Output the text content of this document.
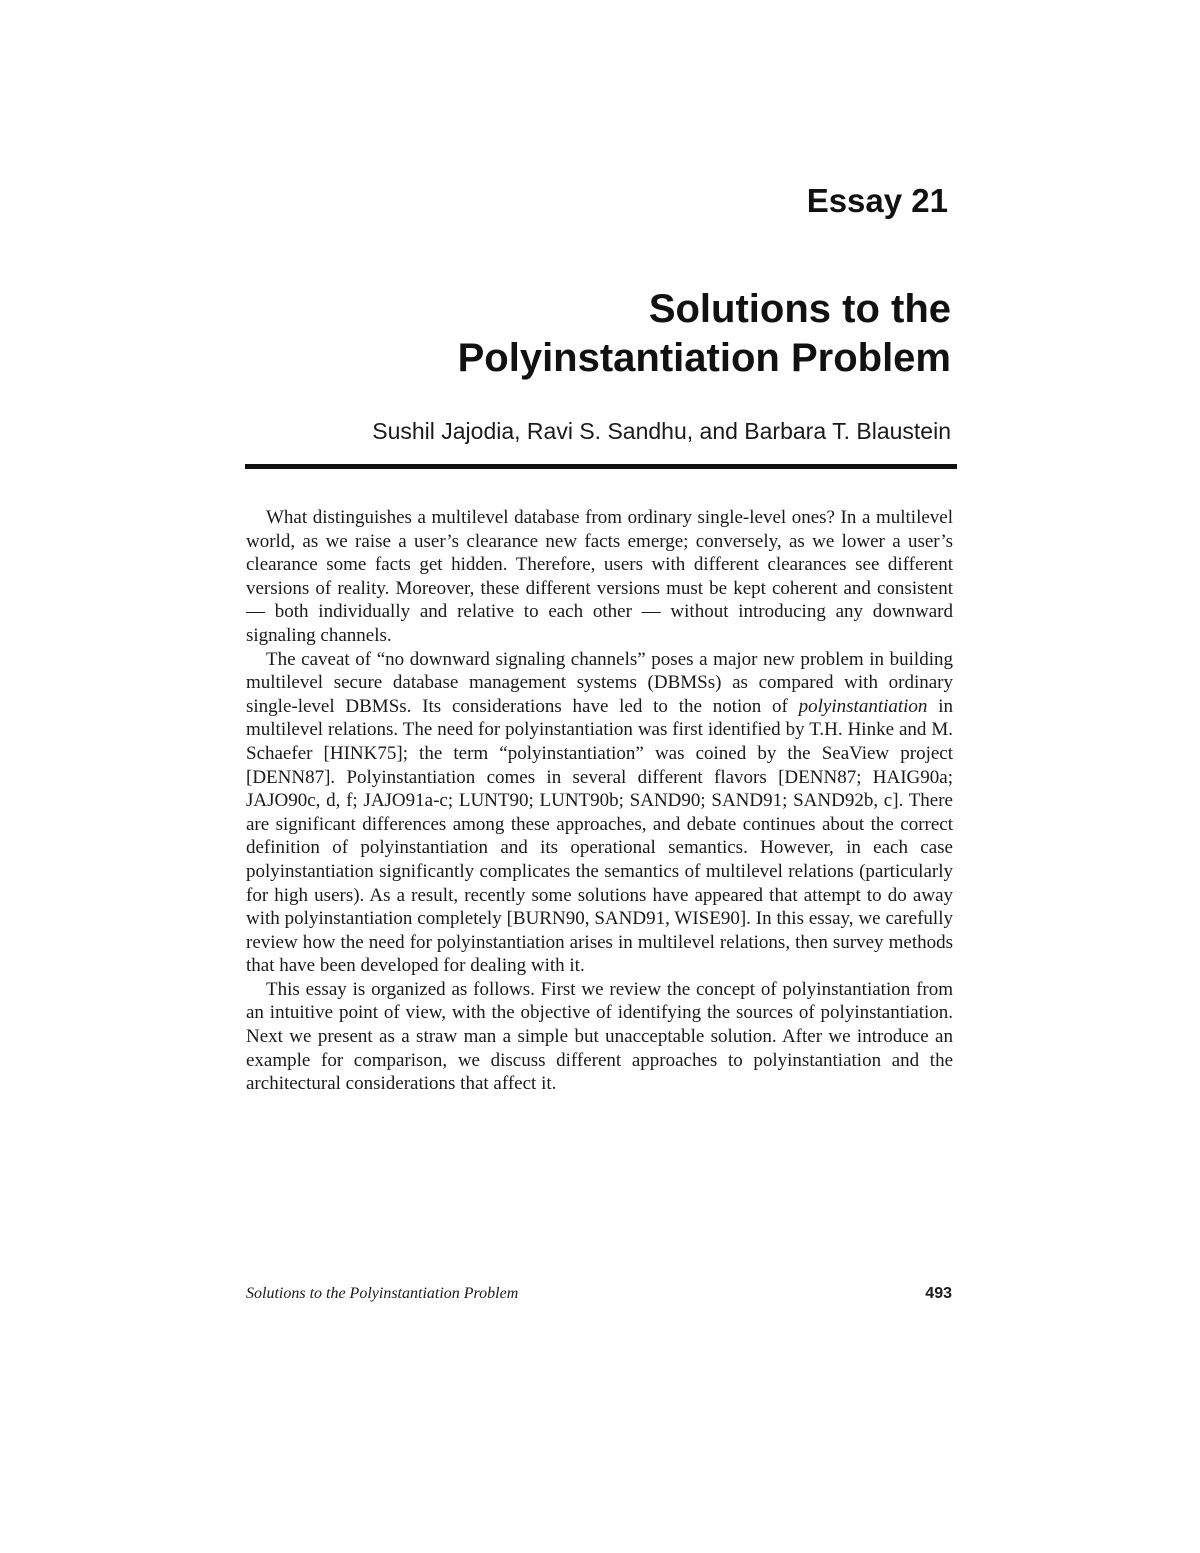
Essay 21
Solutions to the
Polyinstantiation Problem
Sushil Jajodia, Ravi S. Sandhu, and Barbara T. Blaustein

What distinguishes a multilevel database from ordinary single-level ones? In a multilevel world, as we raise a user’s clearance new facts emerge; conversely, as we lower a user’s clearance some facts get hidden. Therefore, users with different clearances see different versions of reality. Moreover, these different versions must be kept coherent and consistent — both individually and relative to each other — without introducing any downward signaling channels.

The caveat of “no downward signaling channels” poses a major new problem in building multilevel secure database management systems (DBMSs) as compared with ordinary single-level DBMSs. Its considerations have led to the notion of polyinstantiation in multilevel relations. The need for polyinstantiation was first identified by T.H. Hinke and M. Schaefer [HINK75]; the term “polyinstantiation” was coined by the SeaView project [DENN87]. Polyinstantiation comes in several different flavors [DENN87; HAIG90a; JAJO90c, d, f; JAJO91a-c; LUNT90; LUNT90b; SAND90; SAND91; SAND92b, c]. There are significant differences among these approaches, and debate continues about the correct definition of polyinstantiation and its operational semantics. However, in each case polyinstantiation significantly complicates the semantics of multilevel relations (particularly for high users). As a result, recently some solutions have appeared that attempt to do away with polyinstantiation completely [BURN90, SAND91, WISE90]. In this essay, we carefully review how the need for polyinstantiation arises in multilevel relations, then survey methods that have been developed for dealing with it.

This essay is organized as follows. First we review the concept of polyinstantiation from an intuitive point of view, with the objective of identifying the sources of polyinstantiation. Next we present as a straw man a simple but unacceptable solution. After we introduce an example for comparison, we discuss different approaches to polyinstantiation and the architectural considerations that affect it.

Solutions to the Polyinstantiation Problem	493
